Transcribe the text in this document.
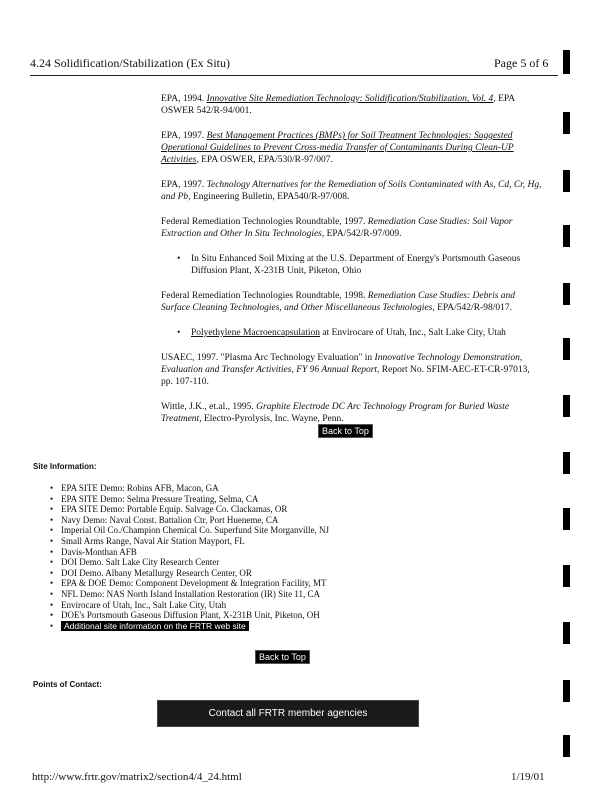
4.24 Solidification/Stabilization (Ex Situ)	Page 5 of 6
EPA, 1994. Innovative Site Remediation Technology: Solidification/Stabilization, Vol. 4, EPA OSWER 542/R-94/001.
EPA, 1997. Best Management Practices (BMPs) for Soil Treatment Technologies: Suggested Operational Guidelines to Prevent Cross-media Transfer of Contaminants During Clean-UP Activities, EPA OSWER, EPA/530/R-97/007.
EPA, 1997. Technology Alternatives for the Remediation of Soils Contaminated with As, Cd, Cr, Hg, and Pb, Engineering Bulletin, EPA540/R-97/008.
Federal Remediation Technologies Roundtable, 1997. Remediation Case Studies: Soil Vapor Extraction and Other In Situ Technologies, EPA/542/R-97/009.
• In Situ Enhanced Soil Mixing at the U.S. Department of Energy's Portsmouth Gaseous Diffusion Plant, X-231B Unit, Piketon, Ohio
Federal Remediation Technologies Roundtable, 1998. Remediation Case Studies: Debris and Surface Cleaning Technologies, and Other Miscellaneous Technologies, EPA/542/R-98/017.
• Polyethylene Macroencapsulation at Envirocare of Utah, Inc., Salt Lake City, Utah
USAEC, 1997. "Plasma Arc Technology Evaluation" in Innovative Technology Demonstration, Evaluation and Transfer Activities, FY 96 Annual Report, Report No. SFIM-AEC-ET-CR-97013, pp. 107-110.
Wittle, J.K., et.al., 1995. Graphite Electrode DC Arc Technology Program for Buried Waste Treatment, Electro-Pyrolysis, Inc. Wayne, Penn.
Back to Top
Site Information:
• EPA SITE Demo: Robins AFB, Macon, GA
• EPA SITE Demo: Selma Pressure Treating, Selma, CA
• EPA SITE Demo: Portable Equip. Salvage Co. Clackamas, OR
• Navy Demo: Naval Const. Battalion Ctr, Port Hueneme, CA
• Imperial Oil Co./Champion Chemical Co. Superfund Site Morganville, NJ
• Small Arms Range, Naval Air Station Mayport, FL
• Davis-Monthan AFB
• DOI Demo. Salt Lake City Research Center
• DOI Demo. Albany Metallurgy Research Center, OR
• EPA & DOE Demo: Component Development & Integration Facility, MT
• NFL Demo: NAS North Island Installation Restoration (IR) Site 11, CA
• Envirocare of Utah, Inc., Salt Lake City, Utah
• DOE's Portsmouth Gaseous Diffusion Plant, X-231B Unit, Piketon, OH
• Additional site information on the FRTR web site
Back to Top
Points of Contact:
Contact all FRTR member agencies
http://www.frtr.gov/matrix2/section4/4_24.html	1/19/01
